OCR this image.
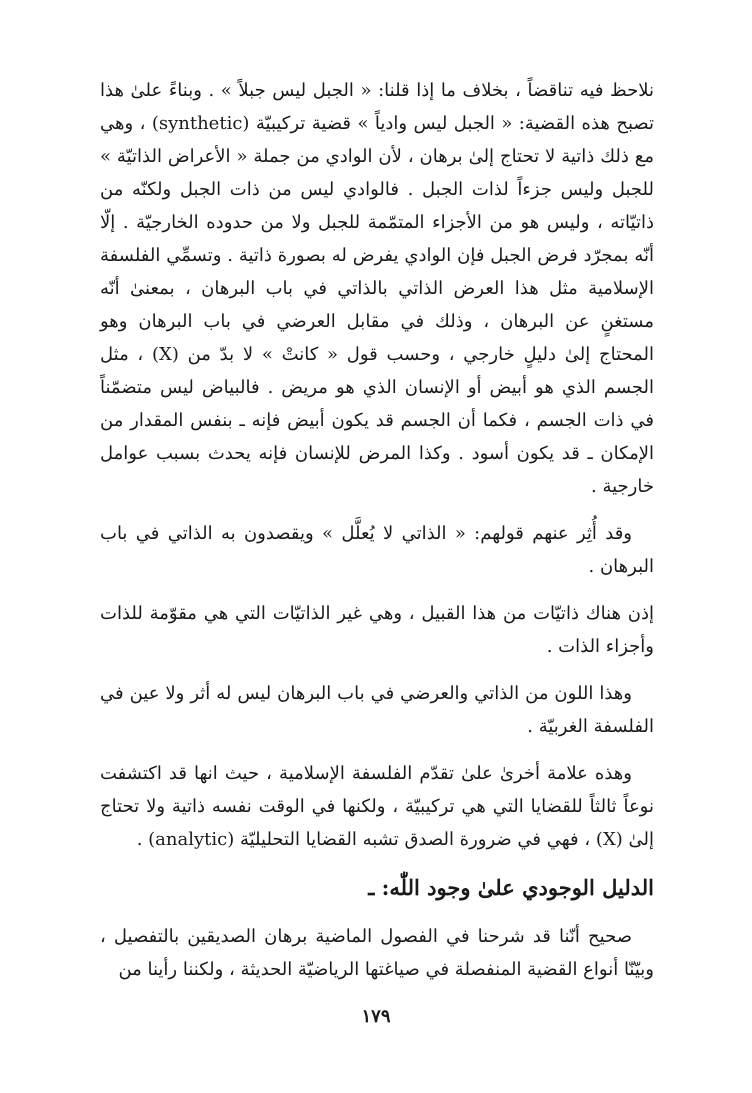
نلاحظ فيه تناقضاً ، بخلاف ما إذا قلنا: « الجبل ليس جبلاً » . وبناءً علىٰ هذا تصبح هذه القضية: « الجبل ليس وادياً » قضية تركيبيّة (synthetic) ، وهي مع ذلك ذاتية لا تحتاج إلىٰ برهان ، لأن الوادي من جملة « الأعراض الذاتيّة » للجبل وليس جزءاً لذات الجبل . فالوادي ليس من ذات الجبل ولكنّه من ذاتيّاته ، وليس هو من الأجزاء المتمّمة للجبل ولا من حدوده الخارجيّة . إلّا أنّه بمجرّد فرض الجبل فإن الوادي يفرض له بصورة ذاتية . وتسمِّي الفلسفة الإسلامية مثل هذا العرض الذاتي بالذاتي في باب البرهان ، بمعنىٰ أنّه مستغنٍ عن البرهان ، وذلك في مقابل العرضي في باب البرهان وهو المحتاج إلىٰ دليلٍ خارجي ، وحسب قول « كانتْ » لا بدّ من (X) ، مثل الجسم الذي هو أبيض أو الإنسان الذي هو مريض . فالبياض ليس متضمّناً في ذات الجسم ، فكما أن الجسم قد يكون أبيض فإنه ـ بنفس المقدار من الإمكان ـ قد يكون أسود . وكذا المرض للإنسان فإنه يحدث بسبب عوامل خارجية .

وقد أُثِر عنهم قولهم: « الذاتي لا يُعلَّل » ويقصدون به الذاتي في باب البرهان .

إذن هناك ذاتيّات من هذا القبيل ، وهي غير الذاتيّات التي هي مقوّمة للذات وأجزاء الذات .

وهذا اللون من الذاتي والعرضي في باب البرهان ليس له أثر ولا عين في الفلسفة الغربيّة .

وهذه علامة أخرىٰ علىٰ تقدّم الفلسفة الإسلامية ، حيث انها قد اكتشفت نوعاً ثالثاً للقضايا التي هي تركيبيّة ، ولكنها في الوقت نفسه ذاتية ولا تحتاج إلىٰ (X) ، فهي في ضرورة الصدق تشبه القضايا التحليليّة (analytic) .

الدليل الوجودي علىٰ وجود اللّٰه: ـ

صحيح أنّنا قد شرحنا في الفصول الماضية برهان الصديقين بالتفصيل ، وبيّنّا أنواع القضية المنفصلة في صياغتها الرياضيّة الحديثة ، ولكننا رأينا من

١٧٩
